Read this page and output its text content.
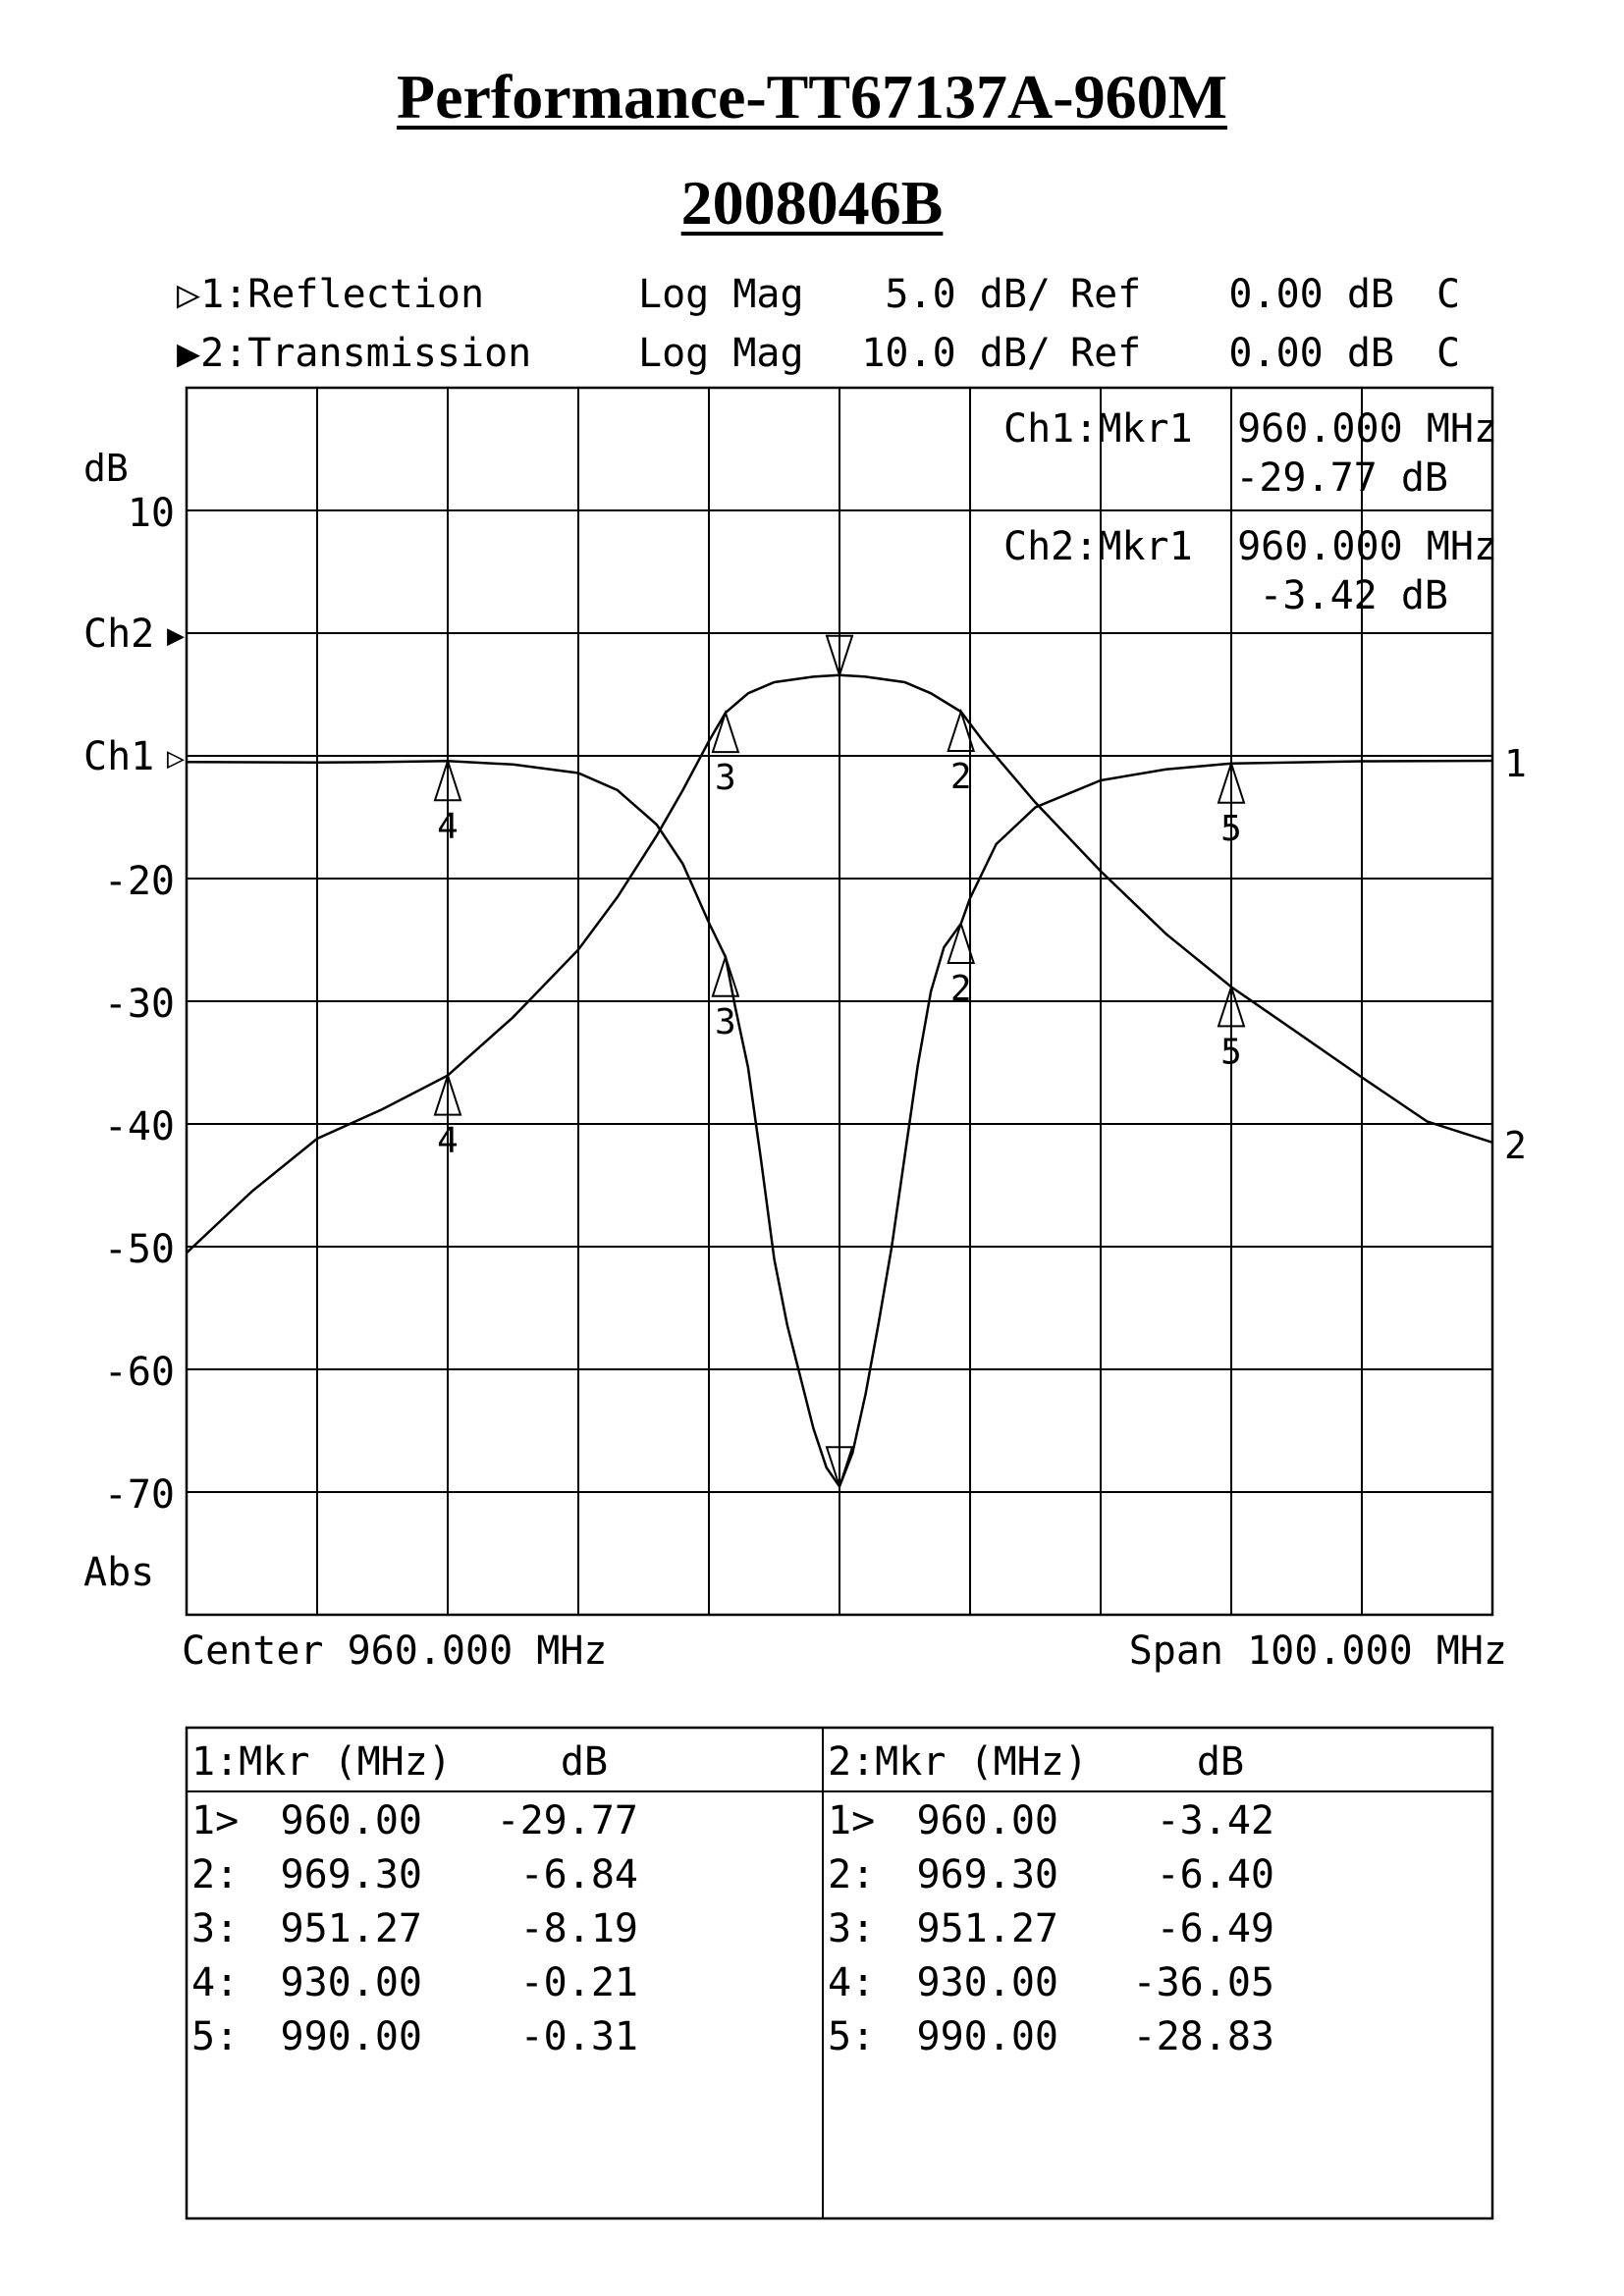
Performance-TT67137A-960M
2008046B
▷1:Reflection	Log Mag 5.0 dB/ Ref 0.00 dB C
▶2:Transmission	Log Mag 10.0 dB/ Ref 0.00 dB C
dB
10
-20
-30
-40
-50
-60
-70
Ch2 ▶
Ch1 ▷
Abs
Ch1:Mkr1 960.000 MHz
-29.77 dB
Ch2:Mkr1 960.000 MHz
-3.42 dB
1
2
3
4	5
2
2
3
4
5
Center 960.000 MHz	Span 100.000 MHz
1:Mkr (MHz)	dB
1> 960.00 -29.77
2: 969.30 -6.84
3: 951.27 -8.19
4: 930.00 -0.21
5: 990.00 -0.31
2:Mkr (MHz)	dB
1> 960.00 -3.42
2: 969.30 -6.40
3: 951.27 -6.49
4: 930.00 -36.05
5: 990.00 -28.83
